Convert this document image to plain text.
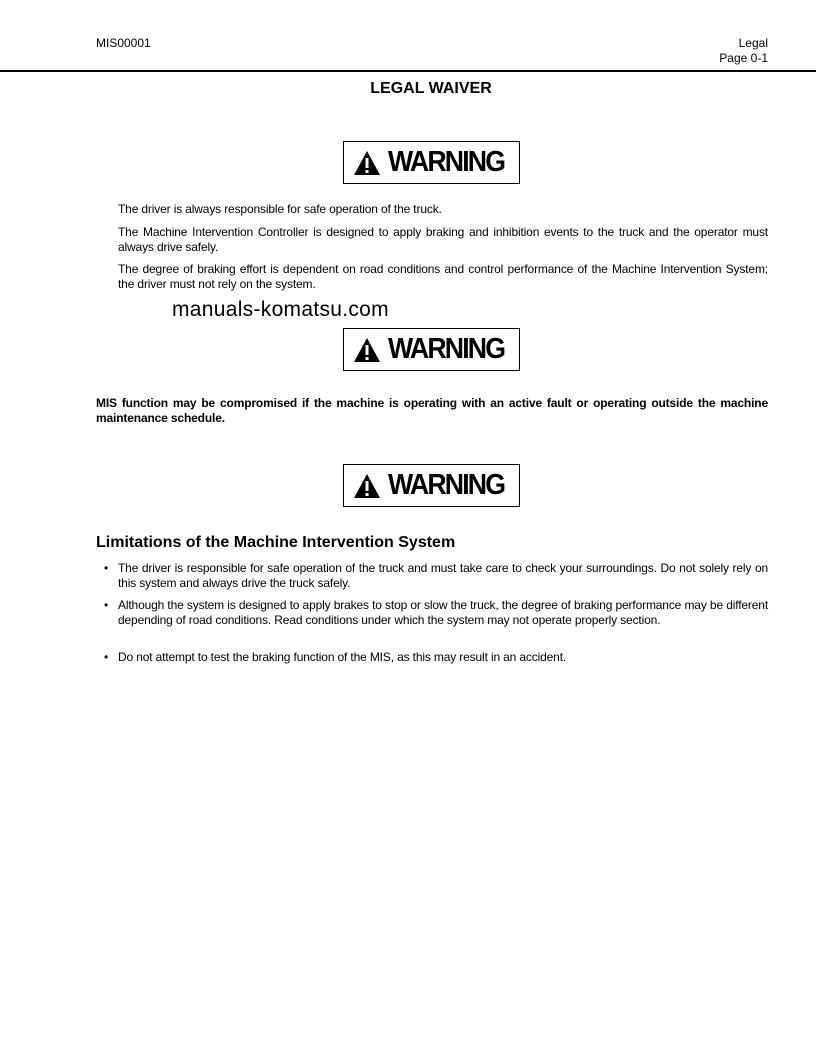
MIS00001	Legal
Page 0-1
LEGAL WAIVER
WARNING
The driver is always responsible for safe operation of the truck.
The Machine Intervention Controller is designed to apply braking and inhibition events to the truck and the operator must always drive safely.
The degree of braking effort is dependent on road conditions and control performance of the Machine Intervention System; the driver must not rely on the system.
manuals-komatsu.com
WARNING
MIS function may be compromised if the machine is operating with an active fault or operating outside the machine maintenance schedule.
WARNING
Limitations of the Machine Intervention System
• The driver is responsible for safe operation of the truck and must take care to check your surroundings. Do not solely rely on this system and always drive the truck safely.
• Although the system is designed to apply brakes to stop or slow the truck, the degree of braking performance may be different depending of road conditions. Read conditions under which the system may not operate properly section.
• Do not attempt to test the braking function of the MIS, as this may result in an accident.
